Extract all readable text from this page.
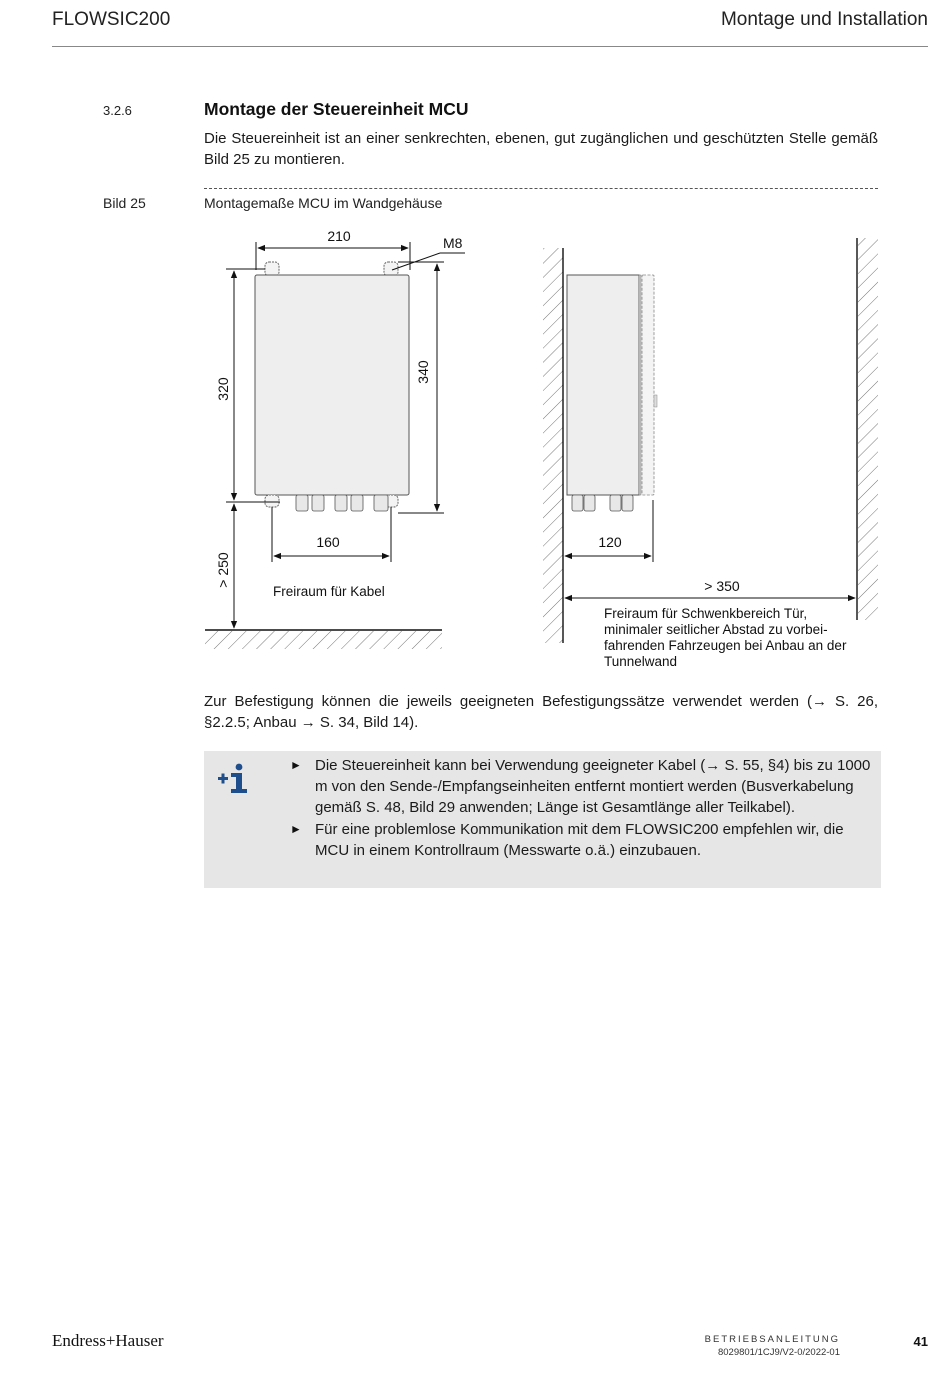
FLOWSIC200	Montage und Installation
3.2.6	Montage der Steuereinheit MCU
Die Steuereinheit ist an einer senkrechten, ebenen, gut zugänglichen und geschützten Stelle gemäß Bild 25 zu montieren.
Bild 25	Montagemaße MCU im Wandgehäuse
210	M8
320
340
160
> 250
Freiraum für Kabel
120
> 350
Freiraum für Schwenkbereich Tür,
minimaler seitlicher Abstad zu vorbei-
fahrenden Fahrzeugen bei Anbau an der
Tunnelwand
Zur Befestigung können die jeweils geeigneten Befestigungssätze verwendet werden (→ S. 26, §2.2.5; Anbau → S. 34, Bild 14).
► Die Steuereinheit kann bei Verwendung geeigneter Kabel (→ S. 55, §4) bis zu 1000 m von den Sende-/Empfangseinheiten entfernt montiert werden (Busverkabelung gemäß S. 48, Bild 29 anwenden; Länge ist Gesamtlänge aller Teilkabel).
► Für eine problemlose Kommunikation mit dem FLOWSIC200 empfehlen wir, die MCU in einem Kontrollraum (Messwarte o.ä.) einzubauen.
Endress+Hauser	BETRIEBSANLEITUNG
8029801/1CJ9/V2-0/2022-01
41
